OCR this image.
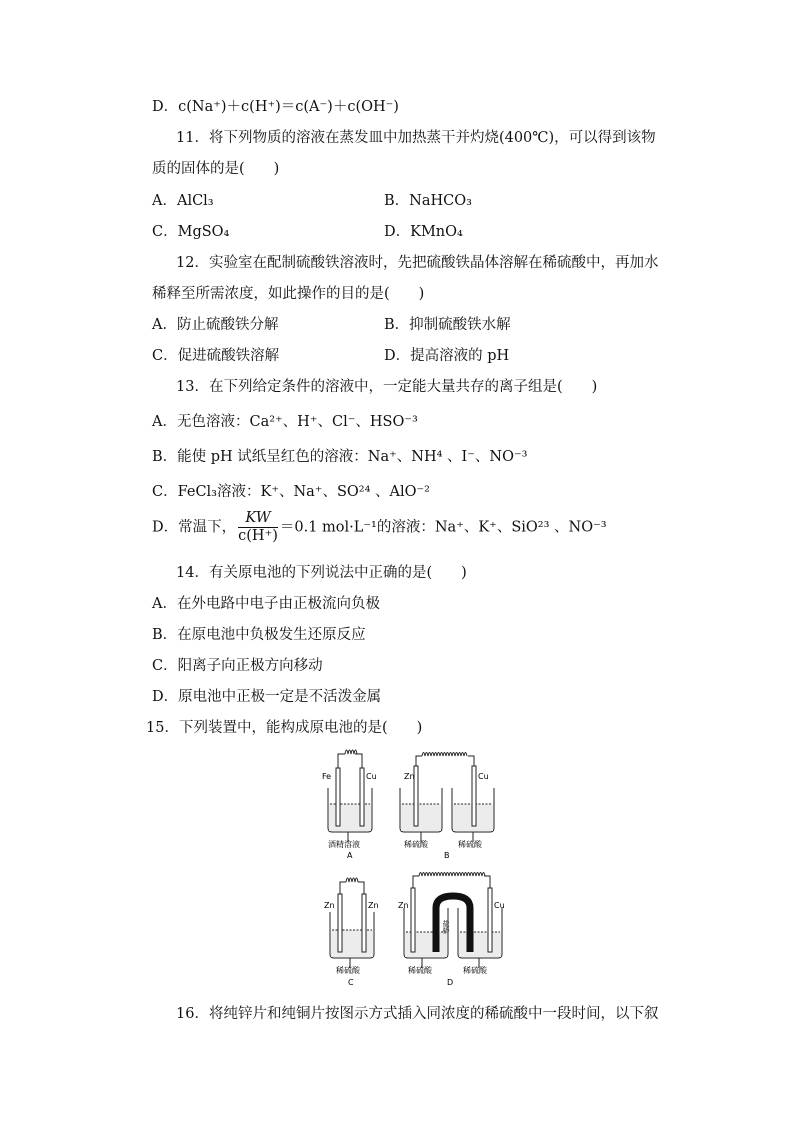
D．c(Na⁺)＋c(H⁺)＝c(A⁻)＋c(OH⁻)
11．将下列物质的溶液在蒸发皿中加热蒸干并灼烧(400℃)，可以得到该物
质的固体的是(　　)
A．AlCl₃	B．NaHCO₃
C．MgSO₄	D．KMnO₄
12．实验室在配制硫酸铁溶液时，先把硫酸铁晶体溶解在稀硫酸中，再加水
稀释至所需浓度，如此操作的目的是(　　)
A．防止硫酸铁分解	B．抑制硫酸铁水解
C．促进硫酸铁溶解	D．提高溶液的 pH
13．在下列给定条件的溶液中，一定能大量共存的离子组是(　　)
A．无色溶液：Ca²⁺、H⁺、Cl⁻、HSO⁻³
B．能使 pH 试纸呈红色的溶液：Na⁺、NH⁴ 、I⁻、NO⁻³
C．FeCl₃溶液：K⁺、Na⁺、SO²⁴ 、AlO⁻²
D．常温下， $\frac{KW}{c(H^+)} =0.1$ mol·L⁻¹的溶液：Na⁺、K⁺、SiO²³ 、NO⁻³
14．有关原电池的下列说法中正确的是(　　)
A．在外电路中电子由正极流向负极
B．在原电池中负极发生还原反应
C．阳离子向正极方向移动
D．原电池中正极一定是不活泼金属
15．下列装置中，能构成原电池的是(　　)
Fe	Cu
酒精溶液
A
Zn	Cu
稀硫酸	稀硫酸
B
Zn	Zn
稀硫酸
C
Zn	Cu
盐桥
稀硫酸	稀硫酸
D
16．将纯锌片和纯铜片按图示方式插入同浓度的稀硫酸中一段时间，以下叙
